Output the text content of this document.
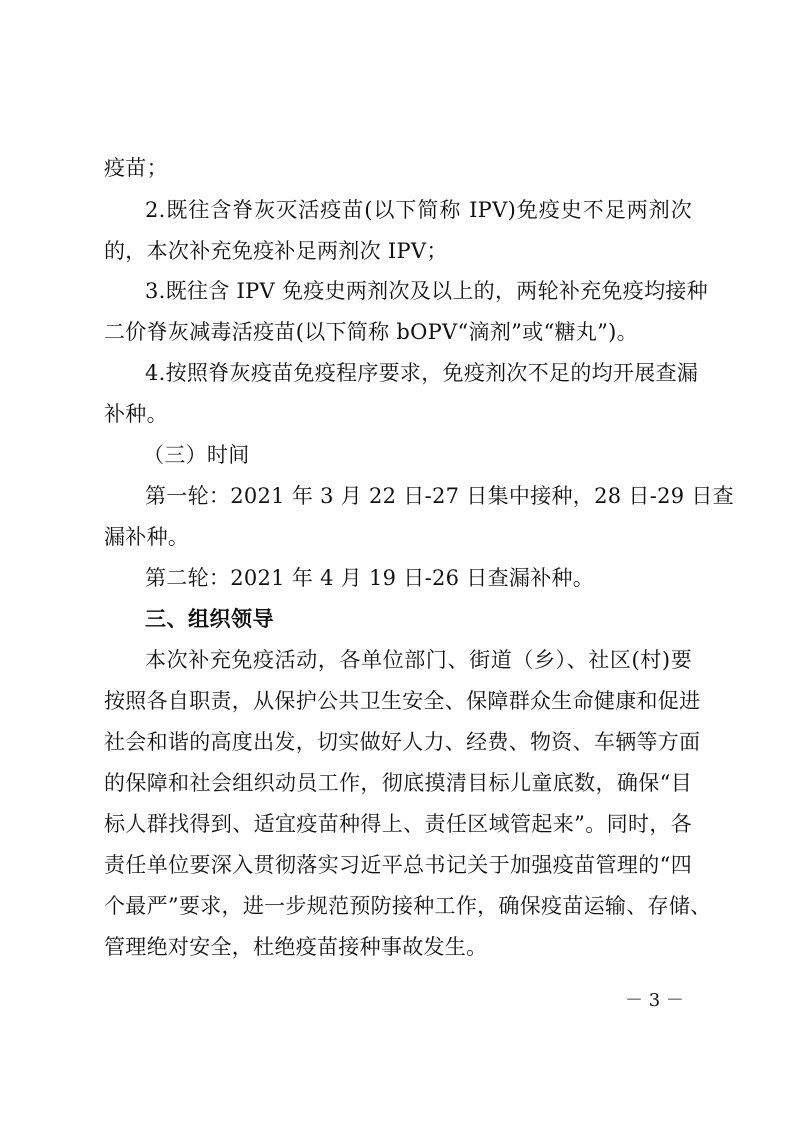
疫苗；
2.既往含脊灰灭活疫苗(以下简称 IPV)免疫史不足两剂次
的，本次补充免疫补足两剂次 IPV；
3.既往含 IPV 免疫史两剂次及以上的，两轮补充免疫均接种
二价脊灰减毒活疫苗(以下简称 bOPV“滴剂”或“糖丸”)。
4.按照脊灰疫苗免疫程序要求，免疫剂次不足的均开展查漏
补种。
（三）时间
第一轮：2021 年 3 月 22 日-27 日集中接种，28 日-29 日查
漏补种。
第二轮：2021 年 4 月 19 日-26 日查漏补种。
三、组织领导
本次补充免疫活动，各单位部门、街道（乡）、社区(村)要
按照各自职责，从保护公共卫生安全、保障群众生命健康和促进
社会和谐的高度出发，切实做好人力、经费、物资、车辆等方面
的保障和社会组织动员工作，彻底摸清目标儿童底数，确保“目
标人群找得到、适宜疫苗种得上、责任区域管起来”。同时，各
责任单位要深入贯彻落实习近平总书记关于加强疫苗管理的“四
个最严”要求，进一步规范预防接种工作，确保疫苗运输、存储、
管理绝对安全，杜绝疫苗接种事故发生。
－ 3 －
